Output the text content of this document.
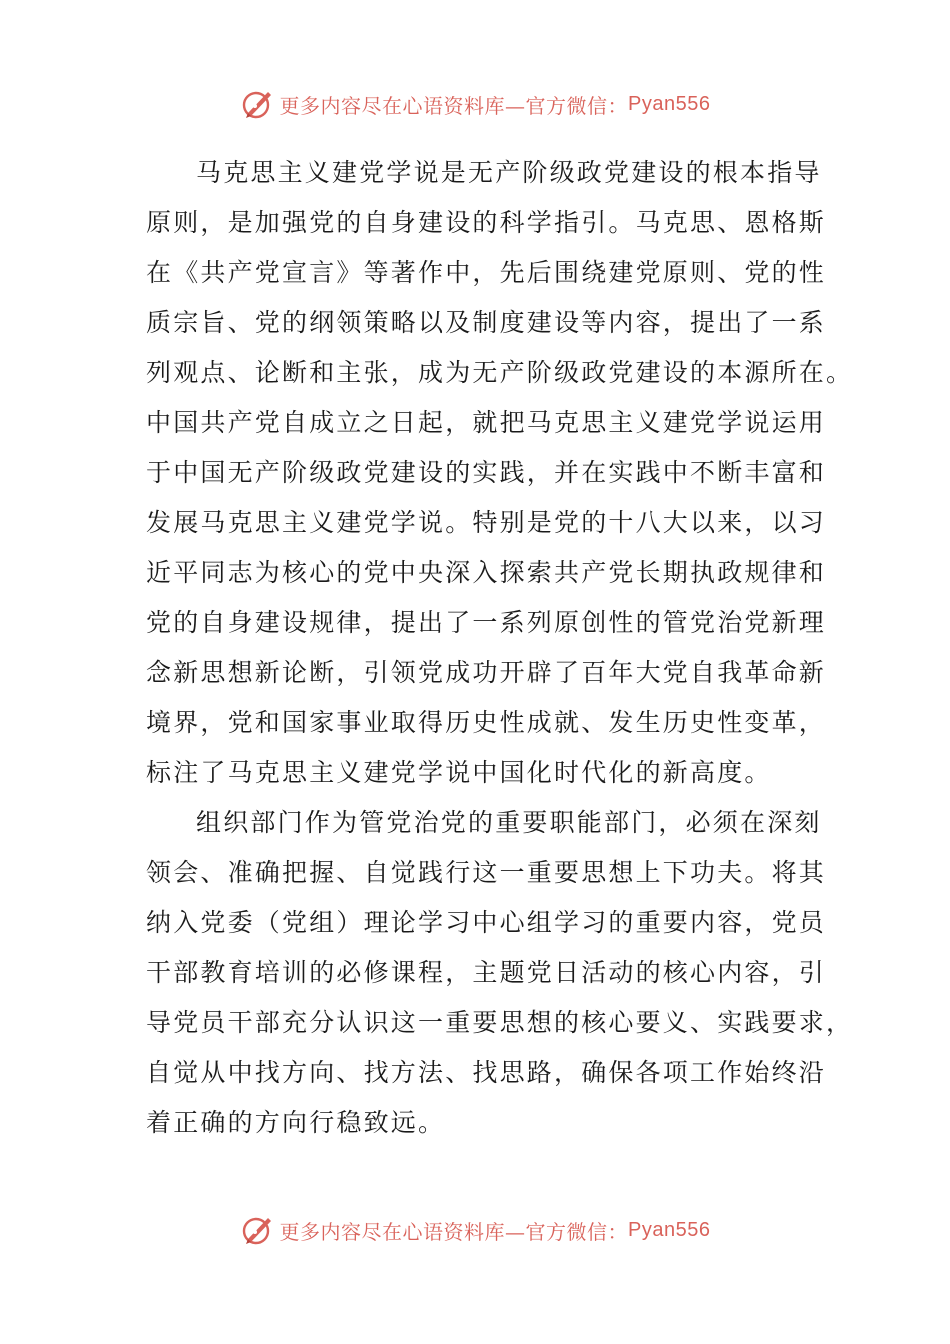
更多内容尽在心语资料库—官方微信： Pyan556
马克思主义建党学说是无产阶级政党建设的根本指导
原则，是加强党的自身建设的科学指引。马克思、恩格斯
在《共产党宣言》等著作中，先后围绕建党原则、党的性
质宗旨、党的纲领策略以及制度建设等内容，提出了一系
列观点、论断和主张，成为无产阶级政党建设的本源所在。
中国共产党自成立之日起，就把马克思主义建党学说运用
于中国无产阶级政党建设的实践，并在实践中不断丰富和
发展马克思主义建党学说。特别是党的十八大以来，以习
近平同志为核心的党中央深入探索共产党长期执政规律和
党的自身建设规律，提出了一系列原创性的管党治党新理
念新思想新论断，引领党成功开辟了百年大党自我革命新
境界，党和国家事业取得历史性成就、发生历史性变革，
标注了马克思主义建党学说中国化时代化的新高度。
组织部门作为管党治党的重要职能部门，必须在深刻
领会、准确把握、自觉践行这一重要思想上下功夫。将其
纳入党委（党组）理论学习中心组学习的重要内容，党员
干部教育培训的必修课程，主题党日活动的核心内容，引
导党员干部充分认识这一重要思想的核心要义、实践要求，
自觉从中找方向、找方法、找思路，确保各项工作始终沿
着正确的方向行稳致远。
更多内容尽在心语资料库—官方微信： Pyan556
